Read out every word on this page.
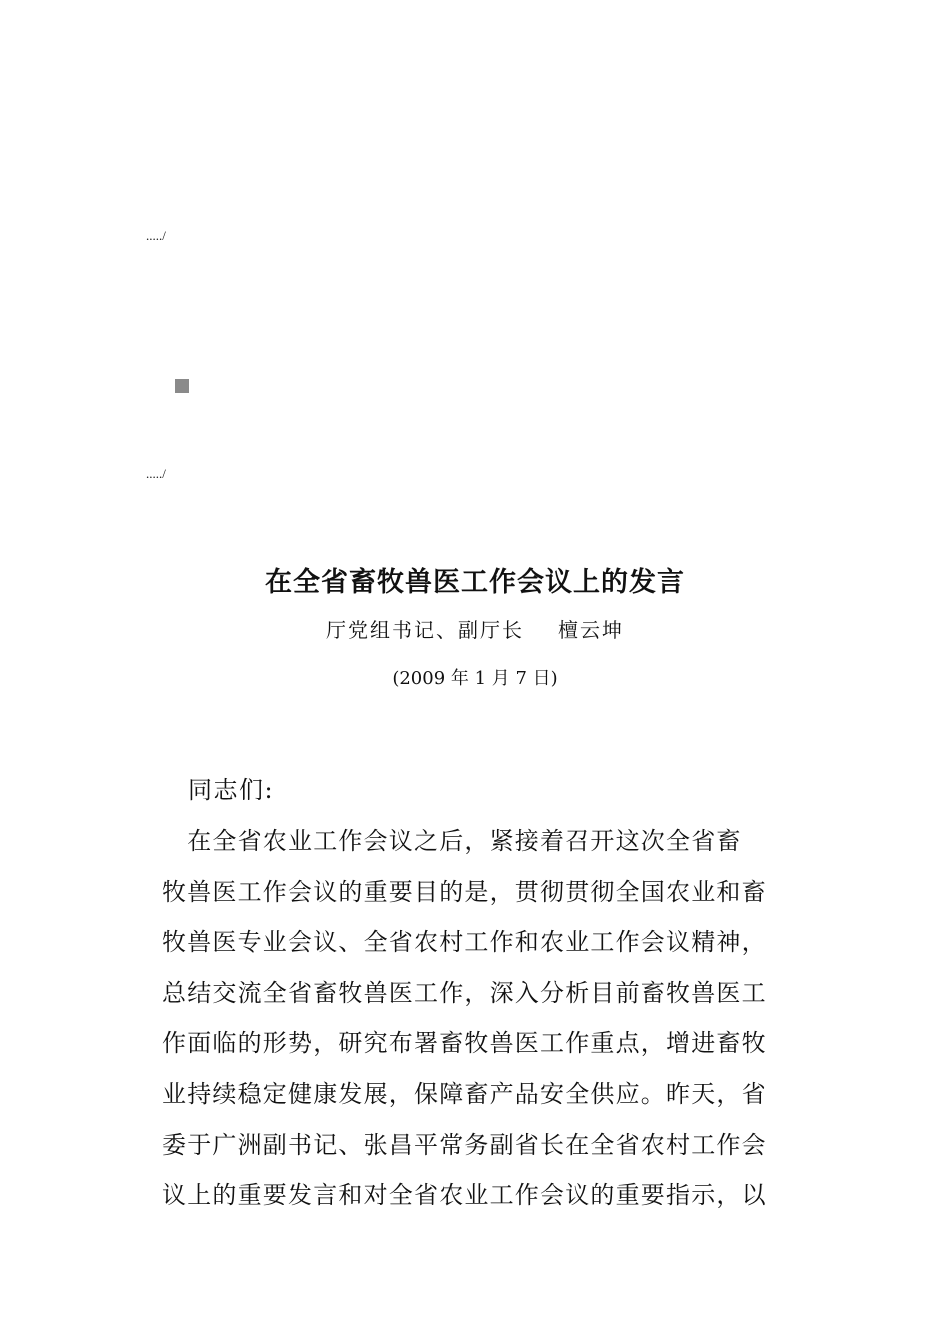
...../
...../
在全省畜牧兽医工作会议上的发言
厅党组书记、副厅长 檀云坤
(2009 年 1 月 7 日)
同志们:
　在全省农业工作会议之后，紧接着召开这次全省畜
牧兽医工作会议的重要目的是，贯彻贯彻全国农业和畜
牧兽医专业会议、全省农村工作和农业工作会议精神，
总结交流全省畜牧兽医工作，深入分析目前畜牧兽医工
作面临的形势，研究布署畜牧兽医工作重点，增进畜牧
业持续稳定健康发展，保障畜产品安全供应。昨天，省
委于广洲副书记、张昌平常务副省长在全省农村工作会
议上的重要发言和对全省农业工作会议的重要指示，以
